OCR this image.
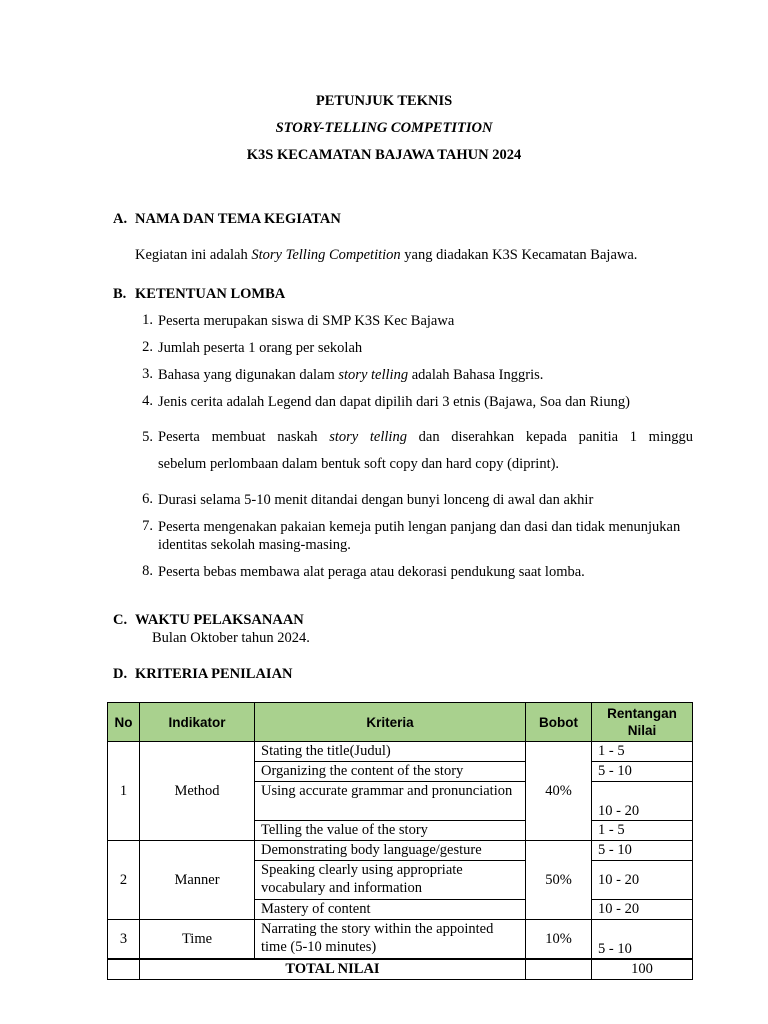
PETUNJUK TEKNIS
STORY-TELLING COMPETITION
K3S KECAMATAN BAJAWA TAHUN 2024
A. NAMA DAN TEMA KEGIATAN
Kegiatan ini adalah Story Telling Competition yang diadakan K3S Kecamatan Bajawa.
B. KETENTUAN LOMBA
1. Peserta merupakan siswa di SMP K3S Kec Bajawa
2. Jumlah peserta 1 orang per sekolah
3. Bahasa yang digunakan dalam story telling adalah Bahasa Inggris.
4. Jenis cerita adalah Legend dan dapat dipilih dari 3 etnis (Bajawa, Soa dan Riung)
5. Peserta membuat naskah story telling dan diserahkan kepada panitia 1 minggu
sebelum perlombaan dalam bentuk soft copy dan hard copy (diprint).
6. Durasi selama 5-10 menit ditandai dengan bunyi lonceng di awal dan akhir
7. Peserta mengenakan pakaian kemeja putih lengan panjang dan dasi dan tidak menunjukan identitas sekolah masing-masing.
8. Peserta bebas membawa alat peraga atau dekorasi pendukung saat lomba.
C. WAKTU PELAKSANAAN
Bulan Oktober tahun 2024.
D. KRITERIA PENILAIAN
No	Indikator	Kriteria	Bobot	Rentangan Nilai
1	Method	Stating the title(Judul)	40%	1 - 5
		Organizing the content of the story		5 - 10
		Using accurate grammar and pronunciation		10 - 20
		Telling the value of the story		1 - 5
2	Manner	Demonstrating body language/gesture	50%	5 - 10
		Speaking clearly using appropriate vocabulary and information		10 - 20
		Mastery of content		10 - 20
3	Time	Narrating the story within the appointed time (5-10 minutes)	10%	5 - 10
	TOTAL NILAI			100
